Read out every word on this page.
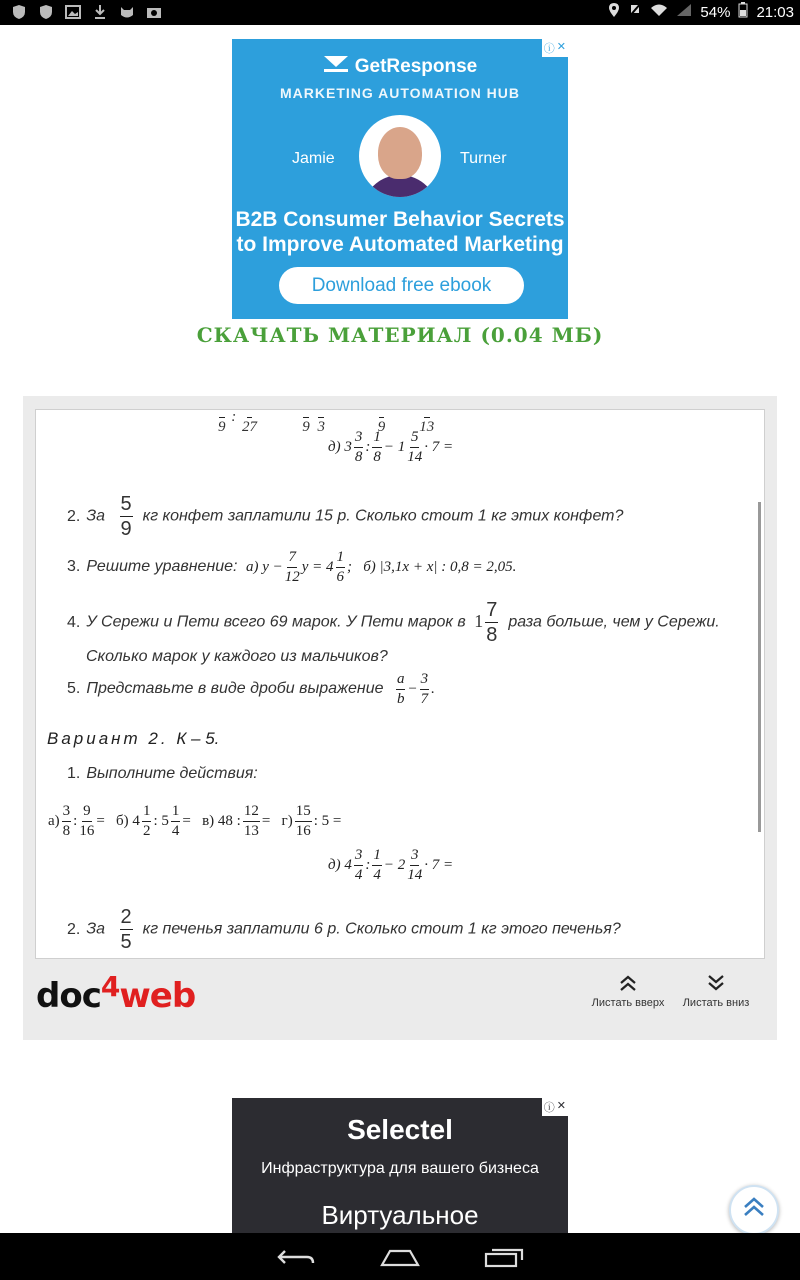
54% 21:03
ⓘ ✕
GetResponse
MARKETING AUTOMATION HUB
Jamie	Turner
B2B Consumer Behavior Secrets
to Improve Automated Marketing
Download free ebook
СКАЧАТЬ МАТЕРИАЛ (0.04 МБ)

9
:

27

	9

3

	9

13
д) $3 \frac{3}{8}$ : $\frac{1}{8} - 1 \frac{5}{14} \cdot 7$ =
2. За $\frac{5}{9}$ кг конфет заплатили 15 р. Сколько стоит 1 кг этих конфет?
3. Решите уравнение: а) $y - \frac{7}{12}$ $y = 4 \frac{1}{6}$ ; б) |3,1x + x| : 0,8 = 2,05.
4. У Сережи и Пети всего 69 марок. У Пети марок в $1 \frac{7}{8}$ раза больше, чем у Сережи.
Сколько марок у каждого из мальчиков?
5. Представьте в виде дроби выражение $\frac{a}{b} - \frac{3}{7}$ .
Вариант 2. К – 5.
1. Выполните действия:
$а) \frac{3}{8}$ : $\frac{9}{16} = б$) $4 \frac{1}{2}$ : $5 \frac{1}{4} = в$) 48 : $\frac{12}{13} = г) \frac{15}{16}$ : 5 =
д) $4 \frac{3}{4}$ : $\frac{1}{4} - 2 \frac{3}{14} \cdot 7$ =
2. За $\frac{2}{5}$ кг печенья заплатили 6 р. Сколько стоит 1 кг этого печенья?
doc$^4$web	Листать вверх	Листать вниз
ⓘ ✕
Selectel
Инфраструктура для вашего бизнеса
Виртуальное
